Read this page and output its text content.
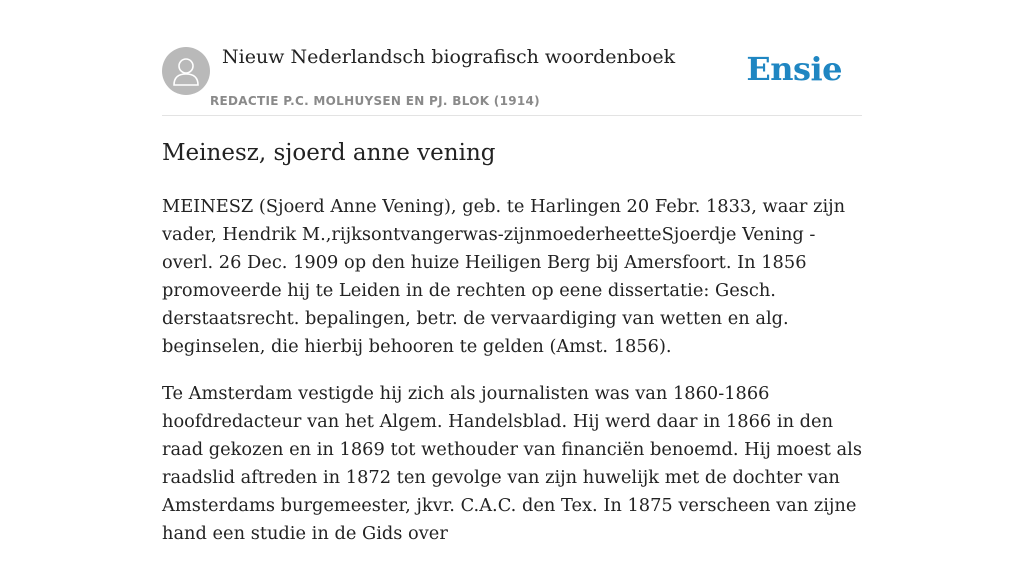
Nieuw Nederlandsch biografisch woordenboek
REDACTIE P.C. MOLHUYSEN EN PJ. BLOK (1914)
Ensie
Meinesz, sjoerd anne vening

MEINESZ (Sjoerd Anne Vening), geb. te Harlingen 20 Febr. 1833, waar zijn vader, Hendrik M.,rijksontvangerwas-zijnmoederheetteSjoerdje Vening -overl. 26 Dec. 1909 op den huize Heiligen Berg bij Amersfoort. In 1856 promoveerde hij te Leiden in de rechten op eene dissertatie: Gesch. derstaatsrecht. bepalingen, betr. de vervaardiging van wetten en alg. beginselen, die hierbij behooren te gelden (Amst. 1856).

Te Amsterdam vestigde hij zich als journalisten was van 1860-1866 hoofdredacteur van het Algem. Handelsblad. Hij werd daar in 1866 in den raad gekozen en in 1869 tot wethouder van financiën benoemd. Hij moest als raadslid aftreden in 1872 ten gevolge van zijn huwelijk met de dochter van Amsterdams burgemeester, jkvr. C.A.C. den Tex. In 1875 verscheen van zijne hand een studie in de Gids over
